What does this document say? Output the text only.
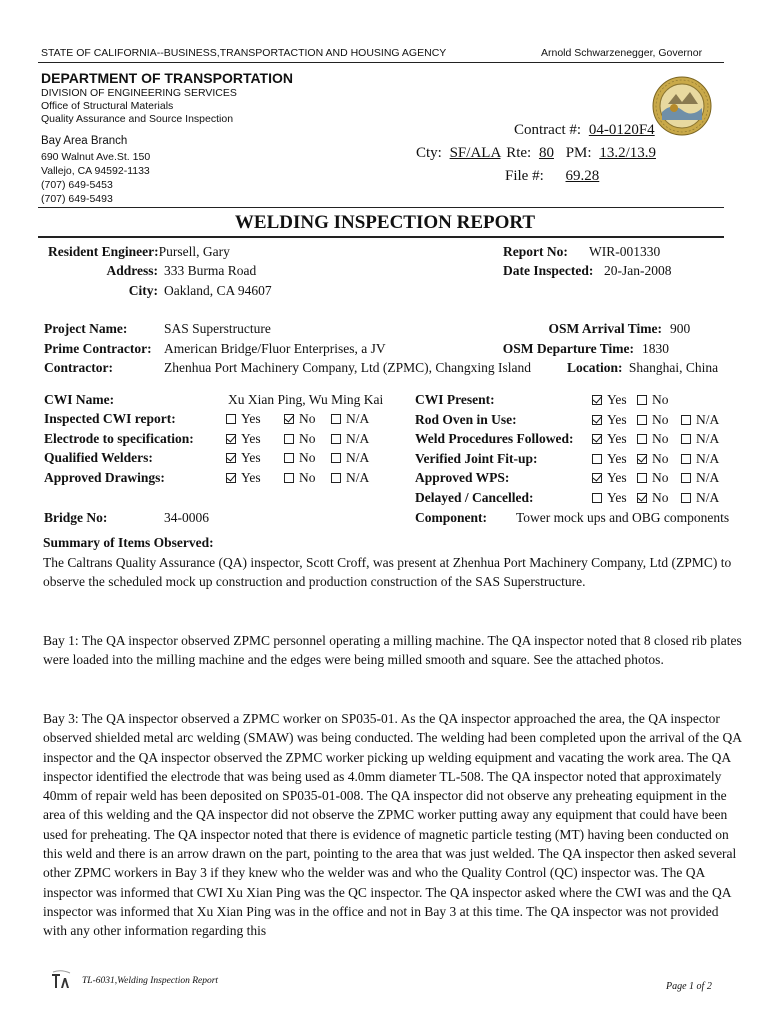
STATE OF CALIFORNIA--BUSINESS,TRANSPORTACTION AND HOUSING AGENCY	Arnold Schwarzenegger, Governor
DEPARTMENT OF TRANSPORTATION
DIVISION OF ENGINEERING SERVICES
Office of Structural Materials
Quality Assurance and Source Inspection
Bay Area Branch
690 Walnut Ave.St. 150
Vallejo, CA 94592-1133
(707) 649-5453
(707) 649-5493
Contract #: 04-0120F4
Cty: SF/ALA Rte: 80 PM: 13.2/13.9
File #: 69.28
WELDING INSPECTION REPORT
Resident Engineer:Pursell, Gary
Address: 333 Burma Road
City: Oakland, CA 94607
Report No: WIR-001330
Date Inspected: 20-Jan-2008
Project Name:	SAS Superstructure
Prime Contractor: American Bridge/Fluor Enterprises, a JV
Contractor:	Zhenhua Port Machinery Company, Ltd (ZPMC), Changxing Island
OSM Arrival Time: 900
OSM Departure Time: 1830
Location: Shanghai, China
CWI Name:	Xu Xian Ping, Wu Ming Kai
Inspected CWI report:	Yes	No	N/A
Electrode to specification:	Yes	No	N/A
Qualified Welders:	Yes	No	N/A
Approved Drawings:	Yes	No	N/A
CWI Present:	Yes	No
Rod Oven in Use:	Yes	No	N/A
Weld Procedures Followed:	Yes	No	N/A
Verified Joint Fit-up:	Yes	No	N/A
Approved WPS:	Yes	No	N/A
Delayed / Cancelled:	Yes	No	N/A
Bridge No:	34-0006	Component: Tower mock ups and OBG components
Summary of Items Observed:
The Caltrans Quality Assurance (QA) inspector, Scott Croff, was present at Zhenhua Port Machinery Company, Ltd (ZPMC) to observe the scheduled mock up construction and production construction of the SAS Superstructure.
Bay 1: The QA inspector observed ZPMC personnel operating a milling machine. The QA inspector noted that 8 closed rib plates were loaded into the milling machine and the edges were being milled smooth and square. See the attached photos.
Bay 3: The QA inspector observed a ZPMC worker on SP035-01. As the QA inspector approached the area, the QA inspector observed shielded metal arc welding (SMAW) was being conducted. The welding had been completed upon the arrival of the QA inspector and the QA inspector observed the ZPMC worker picking up welding equipment and vacating the work area. The QA inspector identified the electrode that was being used as 4.0mm diameter TL-508. The QA inspector noted that approximately 40mm of repair weld has been deposited on SP035-01-008. The QA inspector did not observe any preheating equipment in the area of this welding and the QA inspector did not observe the ZPMC worker putting away any equipment that could have been used for preheating. The QA inspector noted that there is evidence of magnetic particle testing (MT) having been conducted on this weld and there is an arrow drawn on the part, pointing to the area that was just welded. The QA inspector then asked several other ZPMC workers in Bay 3 if they knew who the welder was and who the Quality Control (QC) inspector was. The QA inspector was informed that CWI Xu Xian Ping was the QC inspector. The QA inspector asked where the CWI was and the QA inspector was informed that Xu Xian Ping was in the office and not in Bay 3 at this time. The QA inspector was not provided with any other information regarding this
TL-6031,Welding Inspection Report	Page 1 of 2
